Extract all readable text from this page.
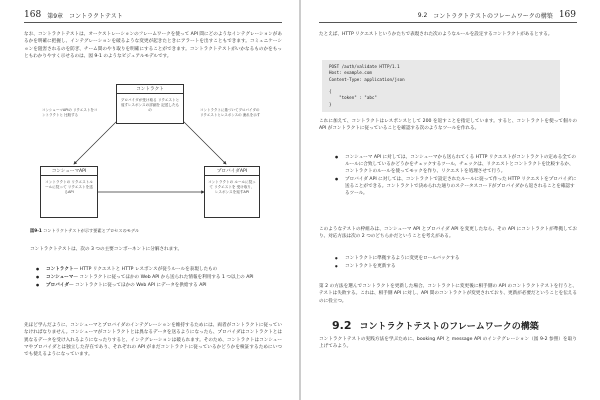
168 第9章 コントラクトテスト

なお、コントラクトテストは、オーケストレーションのフレームワークを使って API 間にどのようなインテグレーションがあるかを明確に把握し、インテグレーションを破るような変更が起きたときにアラートを出すこともできます。コミュニケーションを阻害されるのを防ぎ、チーム間のやり取りを明確にすることができます。コントラクトテストがいかなるものかをもっともわかりやすく示せるのは、図 9-1 のようなビジュアルモデルです。

コントラクト
プロバイダが受け取る リクエストと 返すレスポンスの詳細を 記述したもの
コンシューマAPI
コントラクトの リクエストルールに従って リクエストを送るAPI
プロバイダAPI
コントラクトの ルールに従って リクエストを 受け取り、 レスポンスを返すAPI
コンシューマAPIの リクエストをコントラクトと 比較する
コントラクトに基づいてプロバイダの リクエストとレスポンスの 流れを示す
図9-1 コントラクトテストが示す要素とプロセスのモデル

コントラクトテストは、次の 3 つの主要コンポーネントに分解されます。

● コントラクト— HTTP リクエストと HTTP レスポンスが従うルールを表現したもの
● コンシューマ— コントラクトに従ってほかの Web API から送られた情報を利用する 1 つ以上の API
● プロバイダ— コントラクトに従ってほかの Web API にデータを供給する API

先ほど学んだように、コンシューマとプロバイダのインテグレーションを維持するためには、両者がコントラクトに従っていなければなりません。コンシューマがコントラクトとは異なるデータを送るようになったら、プロバイダはコントラクトとは異なるデータを受け入れるようになったりすると、インテグレーションは破られます。そのため、コントラクトはコンシューマやプロバイダとは独立した存在であり、それぞれの API がまだコントラクトに従っているかどうかを検証するためにいつでも使えるようになっています。

9.2 コントラクトテストのフレームワークの構築 169

たとえば、HTTP リクエストというかたちで表現された次のようなルールを設定するコントラクトがあるとする。

POST /auth/validate HTTP/1.1
Host: example.com
Content-Type: application/json

{
"token" : "abc"
}

これに加えて、コントラクトはレスポンスとして 200 を返すことを指定しています。すると、コントラクトを使って個々の API がコントラクトに従っていることを確認する次のようなツールを作れる。

● コンシューマ API に対しては、コンシューマから送られてくる HTTP リクエストがコントラクトの定める全てのルールに合致しているかどうかをチェックするツール。チェックは、リクエストとコントラクトを比較するか、コントラクトのルールを使ってモックを作り、リクエストを処理させて行う。
● プロバイダ API に対しては、コントラクトで設定されたルールに従って作った HTTP リクエストをプロバイダに送ることができる。コントラクトで決められた通りのステータスコードがプロバイダから返されることを確認するツール。

このようなテストの枠組みは、コンシューマ API とプロバイダ API を変更したなら、その API にコントラクトが準拠しており、対応方法は次の 2 つのどちらかだということを考えがある。

● コントラクトに準拠するように変更をロールバックする
● コントラクトを更新する

第 2 の方法を選んでコントラクトを更新した場合、コントラクトに変更後に相手側の API のコントラクトテストを行うと、テストは失敗する。これは、相手側 API に対し、API 間のコントラクトが変更されており、更新が必要だということを伝えるのに役立つ。

9.2 コントラクトテストのフレームワークの構築

コントラクトテストの実践方法を学ぶために、booking API と message API のインテグレーション（図 9-2 参照）を取り上げてみよう。
